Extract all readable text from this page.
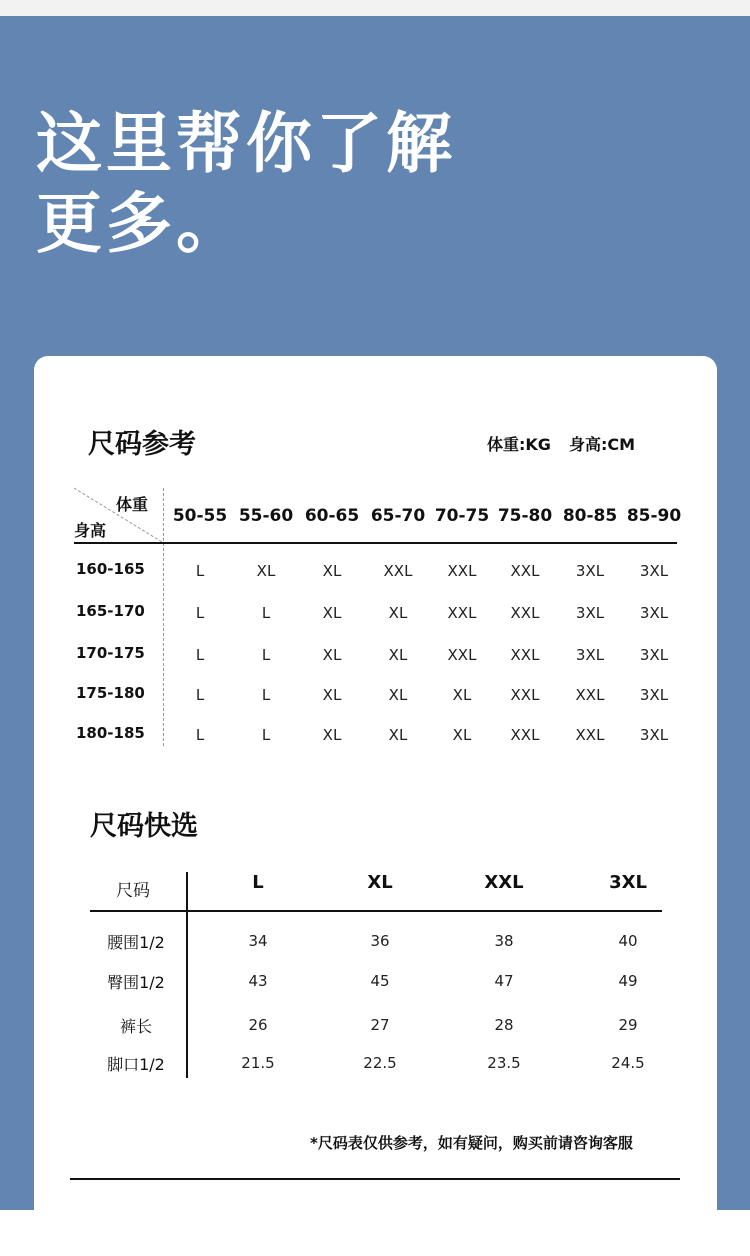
这里帮你了解
更多。
尺码参考	体重:KG 身高:CM
体重
身高
50-55 55-60 60-65 65-70 70-75 75-80 80-85 85-90
160-165	L	XL	XL	XXL	XXL	XXL	3XL	3XL
165-170	L	L	XL	XL	XXL	XXL	3XL	3XL
170-175	L	L	XL	XL	XXL	XXL	3XL	3XL
175-180	L	L	XL	XL	XL	XXL	XXL	3XL
180-185	L	L	XL	XL	XL	XXL	XXL	3XL
尺码快选
尺码	L	XL	XXL	3XL
腰围1/2	34	36	38	40
臀围1/2	43	45	47	49
裤长	26	27	28	29
脚口1/2	21.5	22.5	23.5	24.5
*尺码表仅供参考，如有疑问，购买前请咨询客服
